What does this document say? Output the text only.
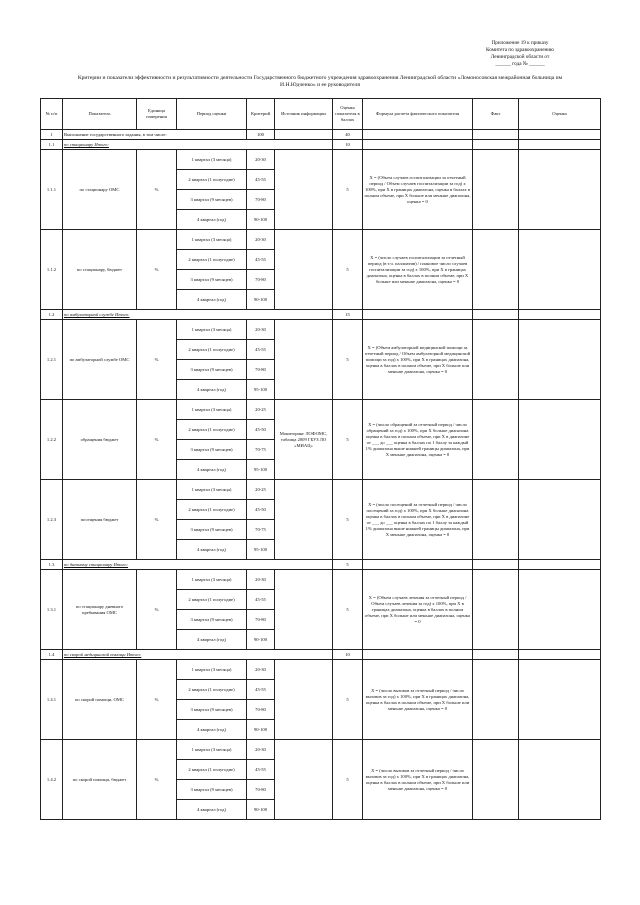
Приложение 19 к приказу
Комитета по здравоохранению
Ленинградской области от
______ года № ______
Критерии и показатели эффективности и результативности деятельности Государственного бюджетного учреждения здравоохранения Ленинградской области «Ломоносовская межрайонная больница им
И.Н.Юдченко» и ее руководителя
№ п/п	Показатель	Единица измерения	Период оценки	Критерий	Источник информации	Оценка показателя в баллах	Формула расчета фактического показателя	Факт	Оценка
1	Выполнение государственного задания, в том числе:			100		40			
1.1	по стационару Итого:					10			
1.1.1	по стационару ОМС	%	1 квартал (3 месяца)	20-30		5	X = (Объем случаев госпитализации за отчетный период / Объем случаев госпитализации за год) х 100%, при X в границах диапазона, оценка в баллах в полном объеме, при X больше или меньше диапазона, оценка = 0		
			2 квартал (1 полугодие)	45-55					
			3 квартал (9 месяцев)	70-80					
			4 квартал (год)	90-100					
1.1.2	по стационару, бюджет	%	1 квартал (3 месяца)	20-30		5	X = (число случаев госпитализации за отчетный период (в т.ч. паллиатив) / плановое число случаев госпитализации за год) х 100%, при X в границах диапазона, оценка в баллах в полном объеме, при X больше или меньше диапазона, оценка = 0		
			2 квартал (1 полугодие)	45-55					
			3 квартал (9 месяцев)	70-80					
			4 квартал (год)	90-100					
1.2	по амбулаторной службе Итого:					15			
1.2.1	по амбулаторной службе ОМС	%	1 квартал (3 месяца)	20-30		5	X = (Объем амбулаторной медицинской помощи за отчетный период / Объем амбулаторной медицинской помощи за год) х 100%, при X в границах диапазона, оценка в баллах в полном объеме, при X больше или меньше диапазона, оценка = 0		
			2 квартал (1 полугодие)	45-55					
			3 квартал (9 месяцев)	70-80					
			4 квартал (год)	95-100					
1.2.2	обращения бюджет	%	1 квартал (3 месяца)	20-25	Мониторинг ЛОФОМС, таблица 2009 ГБУЗ ЛО «МИАЦ»	5	X = (число обращений за отчетный период / число обращений за год) х 100%, при X больше диапазона оценка в баллах в полном объеме, при X в диапазоне от ___ до ___ оценка в баллах по 1 баллу за каждый 1% диапазона выше нижней границы диапазона, при X меньше диапазона, оценка = 0		
			2 квартал (1 полугодие)	45-50					
			3 квартал (9 месяцев)	70-75					
			4 квартал (год)	95-100					
1.2.3	посещения бюджет	%	1 квартал (3 месяца)	20-25		5	X = (число посещений за отчетный период / число посещений за год) х 100%, при X больше диапазона оценка в баллах в полном объеме, при X в диапазоне от ___ до ___ оценка в баллах по 1 баллу за каждый 1% диапазона выше нижней границы диапазона, при X меньше диапазона, оценка = 0		
			2 квартал (1 полугодие)	45-50					
			3 квартал (9 месяцев)	70-75					
			4 квартал (год)	95-100					
1.3	по дневному стационару Итого:					5			
1.3.1	по стационару дневного пребывания ОМС	%	1 квартал (3 месяца)	20-30		5	X = (Объем случаев лечения за отчетный период / Объем случаев лечения за год) х 100%, при X в границах диапазона, оценка в баллах в полном объеме, при X больше или меньше диапазона, оценка = 0		
			2 квартал (1 полугодие)	45-55					
			3 квартал (9 месяцев)	70-80					
			4 квартал (год)	90-100					
1.4	по скорой медицинской помощи Итого:					10			
1.4.1	по скорой помощи, ОМС	%	1 квартал (3 месяца)	20-30		5	X = (число вызовов за отчетный период / число вызовов за год) х 100%, при X в границах диапазона, оценка в баллах в полном объеме, при X больше или меньше диапазона, оценка = 0		
			2 квартал (1 полугодие)	45-55					
			3 квартал (9 месяцев)	70-80					
			4 квартал (год)	90-100					
1.4.2	по скорой помощи, бюджет	%	1 квартал (3 месяца)	20-30		5	X = (число вызовов за отчетный период / число вызовов за год) х 100%, при X в границах диапазона, оценка в баллах в полном объеме, при X больше или меньше диапазона, оценка = 0		
			2 квартал (1 полугодие)	45-55					
			3 квартал (9 месяцев)	70-80					
			4 квартал (год)	90-100					
